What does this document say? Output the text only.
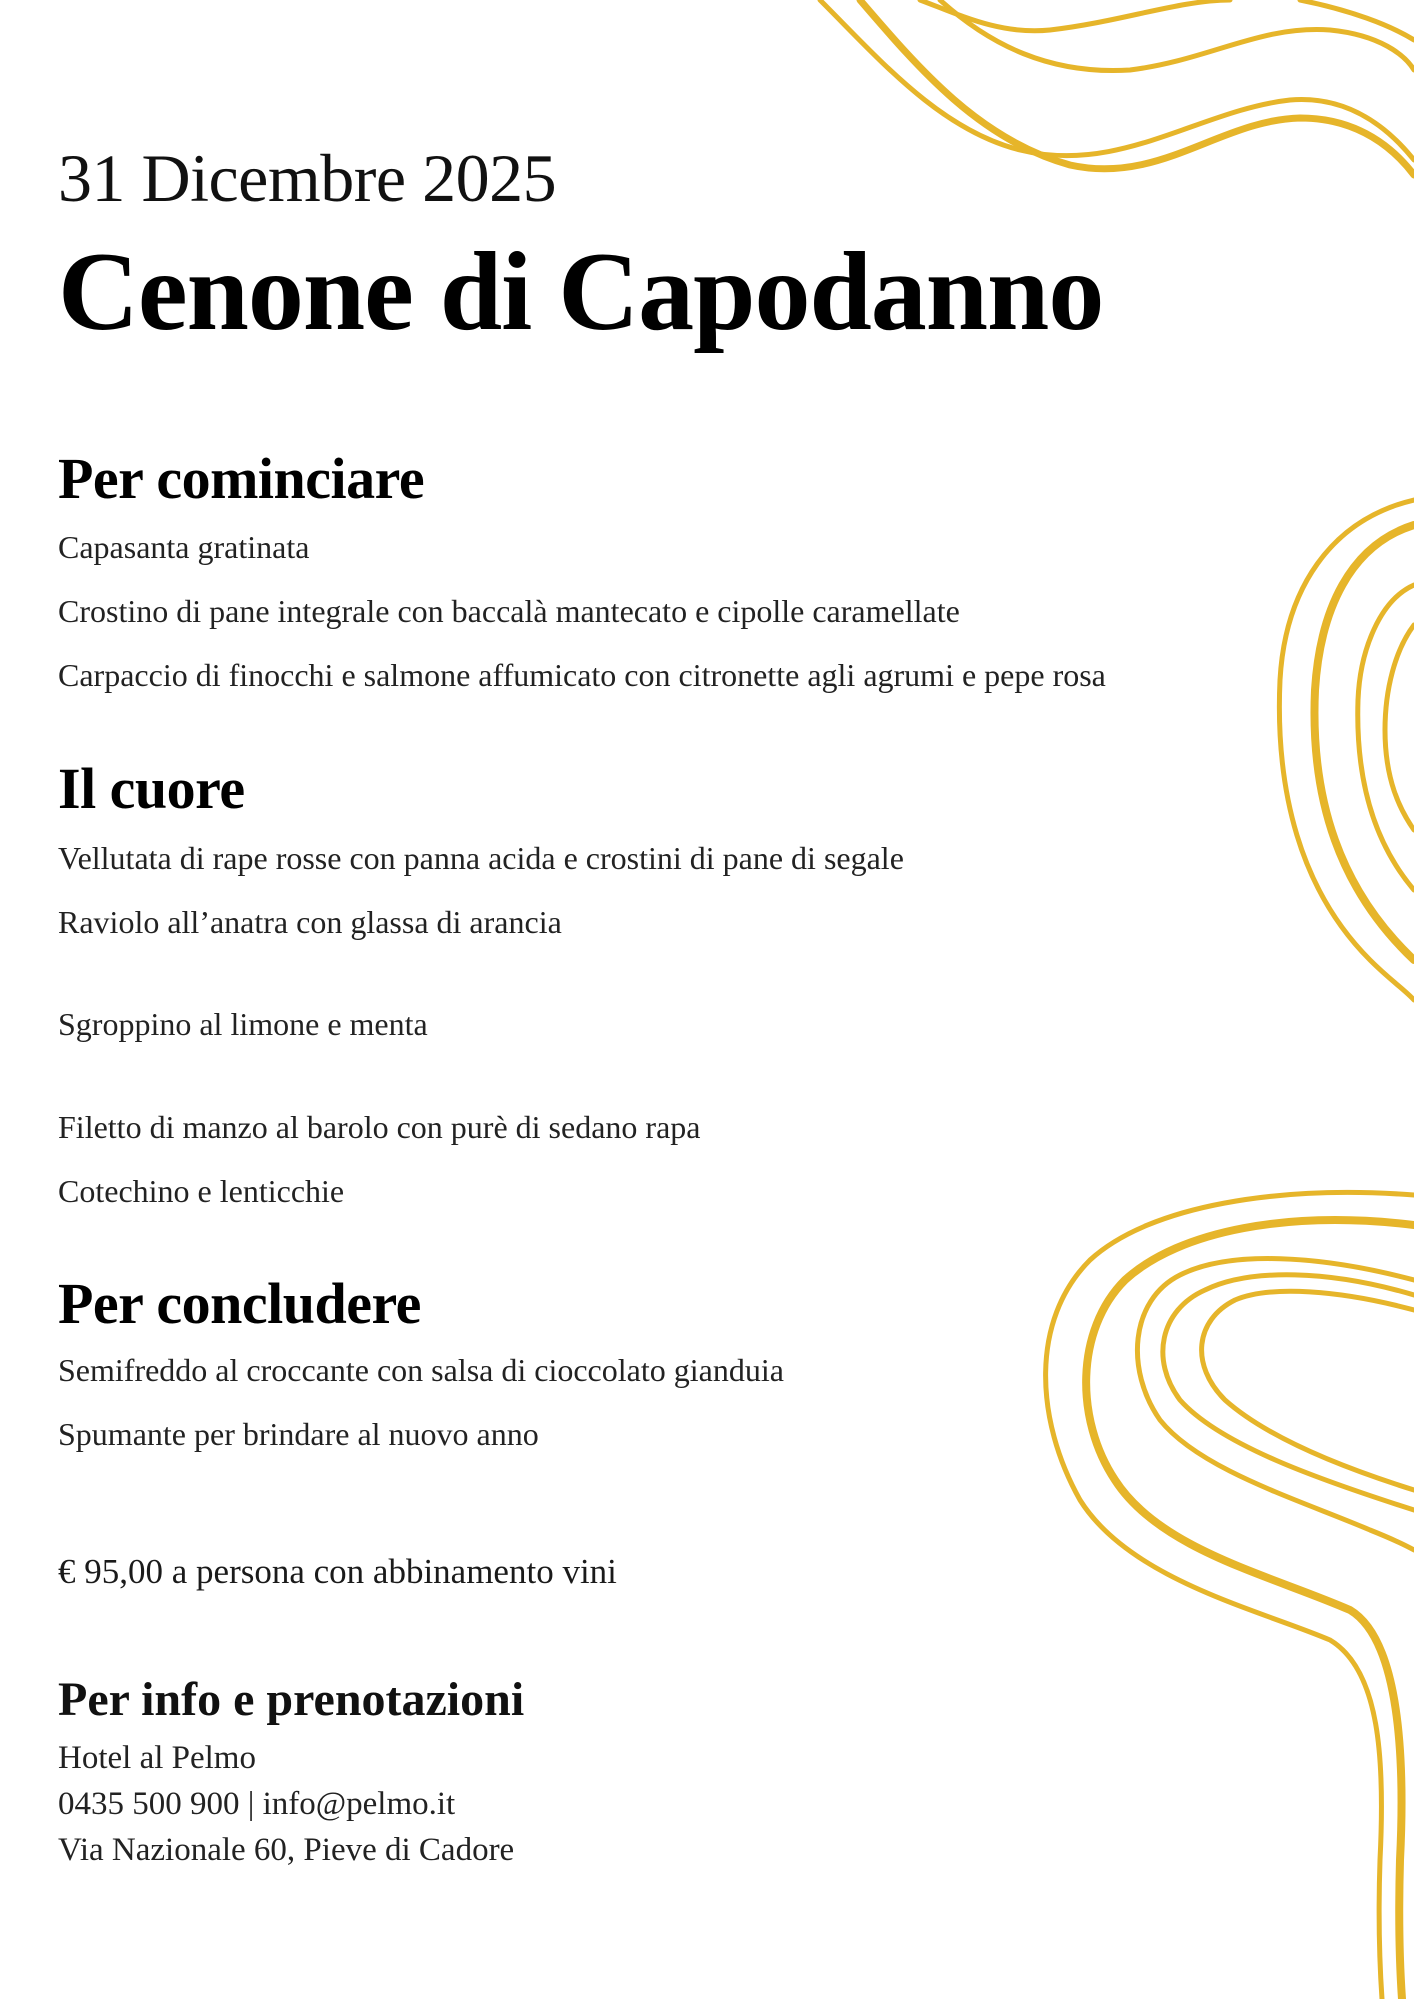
31 Dicembre 2025
Cenone di Capodanno
Per cominciare
Capasanta gratinata
Crostino di pane integrale con baccalà mantecato e cipolle caramellate
Carpaccio di finocchi e salmone affumicato con citronette agli agrumi e pepe rosa
Il cuore
Vellutata di rape rosse con panna acida e crostini di pane di segale
Raviolo all’anatra con glassa di arancia
Sgroppino al limone e menta
Filetto di manzo al barolo con purè di sedano rapa
Cotechino e lenticchie
Per concludere
Semifreddo al croccante con salsa di cioccolato gianduia
Spumante per brindare al nuovo anno
€ 95,00 a persona con abbinamento vini
Per info e prenotazioni
Hotel al Pelmo
0435 500 900 | info@pelmo.it
Via Nazionale 60, Pieve di Cadore
